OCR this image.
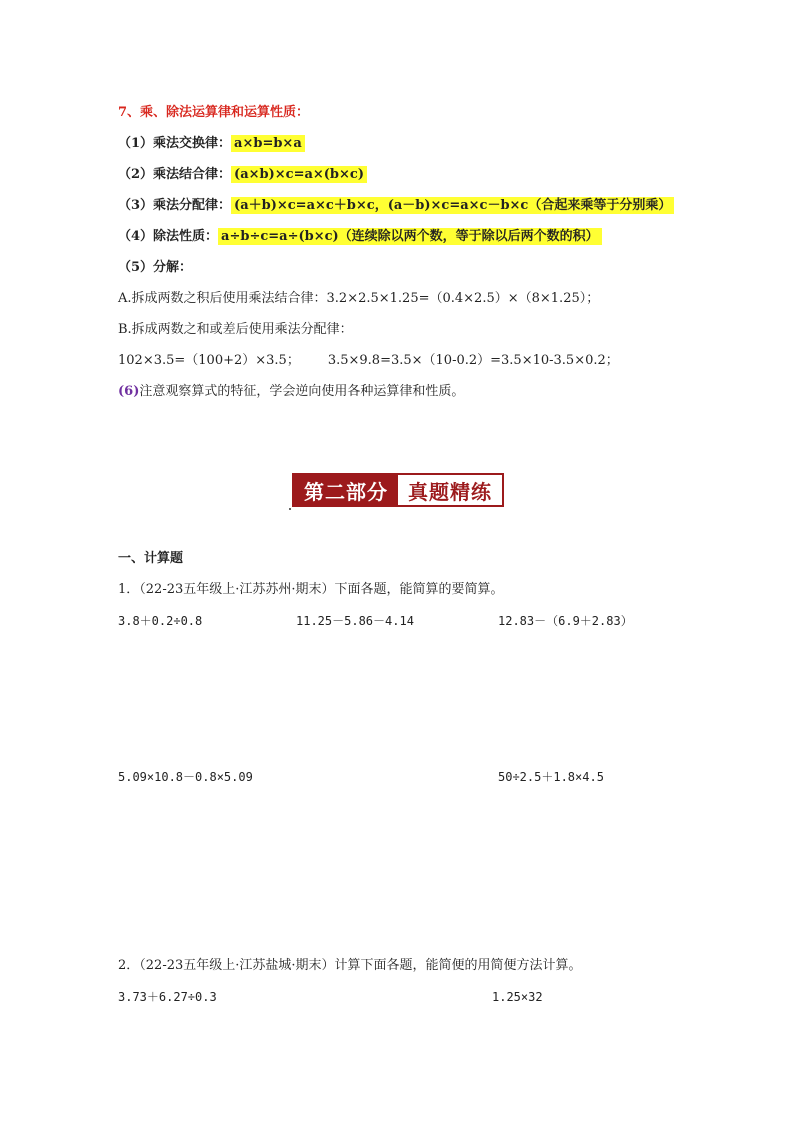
7、乘、除法运算律和运算性质：
（1）乘法交换律： a×b=b×a
（2）乘法结合律： (a×b)×c=a×(b×c)
（3）乘法分配律： (a＋b)×c=a×c＋b×c，(a－b)×c=a×c－b×c（合起来乘等于分别乘）
（4）除法性质： a÷b÷c=a÷(b×c)（连续除以两个数，等于除以后两个数的积）
（5）分解：
A.拆成两数之积后使用乘法结合律：3.2×2.5×1.25=（0.4×2.5）×（8×1.25）；
B.拆成两数之和或差后使用乘法分配律：
102×3.5=（100+2）×3.5； 3.5×9.8=3.5×（10-0.2）=3.5×10-3.5×0.2；
(6)注意观察算式的特征，学会逆向使用各种运算律和性质。
第二部分	真题精练
一、计算题
1．（22-23五年级上·江苏苏州·期末）下面各题，能简算的要简算。
3.8＋0.2÷0.8	11.25－5.86－4.14	12.83－（6.9＋2.83）
5.09×10.8－0.8×5.09	50÷2.5＋1.8×4.5
2．（22-23五年级上·江苏盐城·期末）计算下面各题，能简便的用简便方法计算。
3.73＋6.27÷0.3	1.25×32
